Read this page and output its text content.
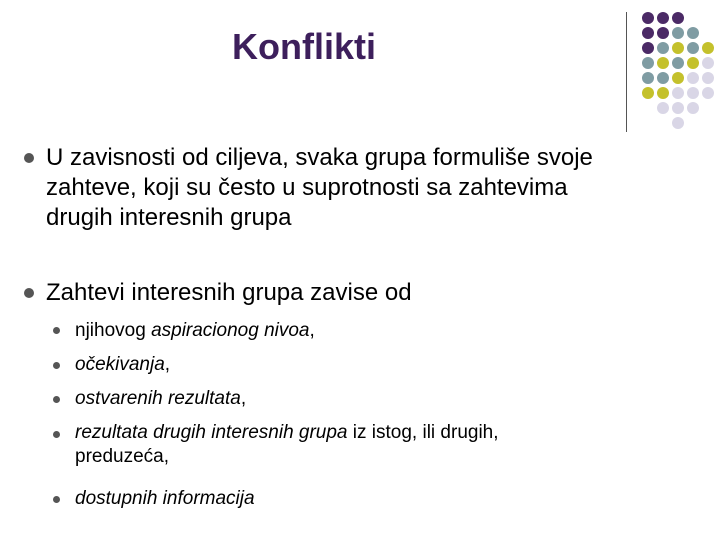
Konflikti

U zavisnosti od ciljeva, svaka grupa formuliše svoje
zahteve, koji su često u suprotnosti sa zahtevima
drugih interesnih grupa

Zahtevi interesnih grupa zavise od

njihovog aspiracionog nivoa,

očekivanja,

ostvarenih rezultata,

rezultata drugih interesnih grupa iz istog, ili drugih,
preduzeća,

dostupnih informacija
